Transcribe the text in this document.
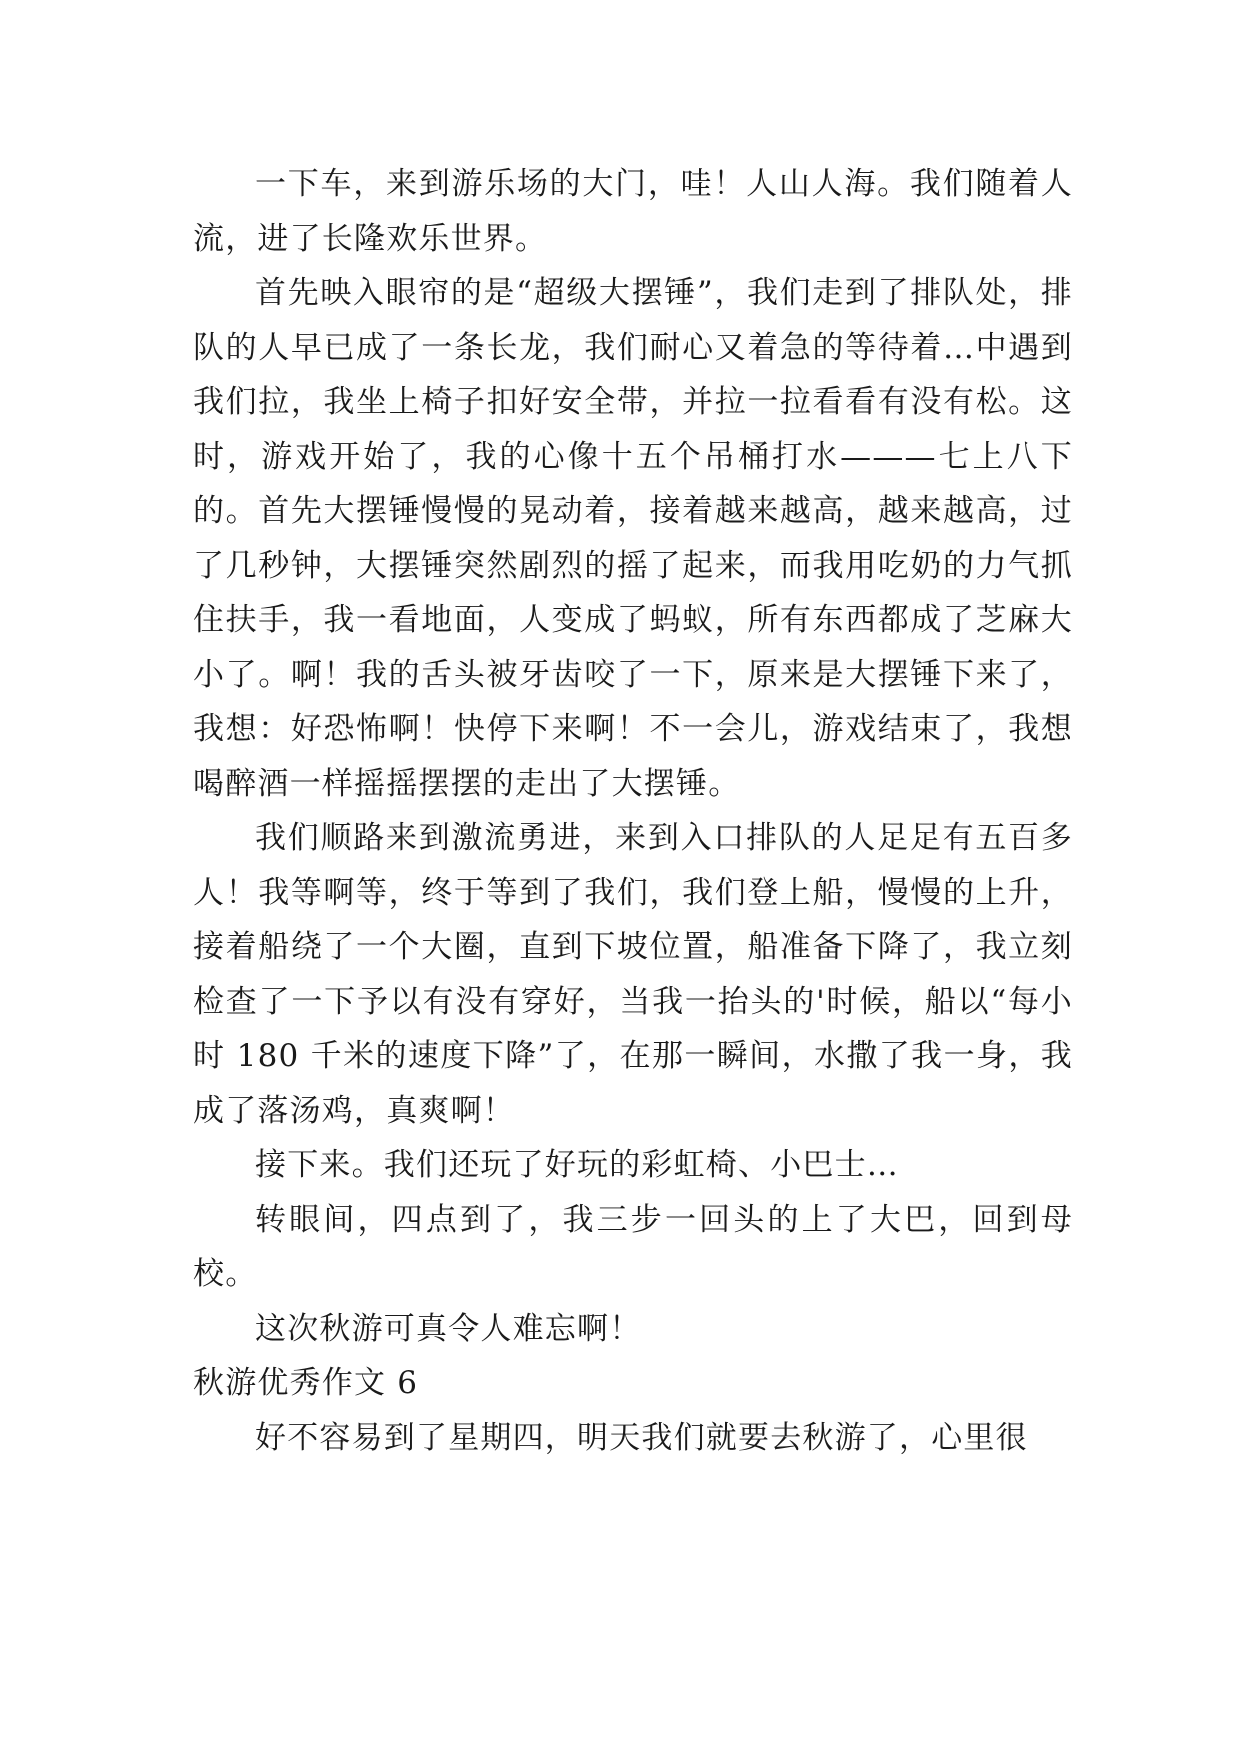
一下车，来到游乐场的大门，哇！人山人海。我们随着人流，进了长隆欢乐世界。

首先映入眼帘的是“超级大摆锤”，我们走到了排队处，排队的人早已成了一条长龙，我们耐心又着急的等待着…中遇到我们拉，我坐上椅子扣好安全带，并拉一拉看看有没有松。这时，游戏开始了，我的心像十五个吊桶打水———七上八下的。首先大摆锤慢慢的晃动着，接着越来越高，越来越高，过了几秒钟，大摆锤突然剧烈的摇了起来，而我用吃奶的力气抓住扶手，我一看地面，人变成了蚂蚁，所有东西都成了芝麻大小了。啊！我的舌头被牙齿咬了一下，原来是大摆锤下来了，我想：好恐怖啊！快停下来啊！不一会儿，游戏结束了，我想喝醉酒一样摇摇摆摆的走出了大摆锤。

我们顺路来到激流勇进，来到入口排队的人足足有五百多人！我等啊等，终于等到了我们，我们登上船，慢慢的上升，接着船绕了一个大圈，直到下坡位置，船准备下降了，我立刻检查了一下予以有没有穿好，当我一抬头的'时候，船以“每小时 180 千米的速度下降”了，在那一瞬间，水撒了我一身，我成了落汤鸡，真爽啊！

接下来。我们还玩了好玩的彩虹椅、小巴士…

转眼间，四点到了，我三步一回头的上了大巴，回到母校。

这次秋游可真令人难忘啊！

秋游优秀作文 6

好不容易到了星期四，明天我们就要去秋游了，心里很
